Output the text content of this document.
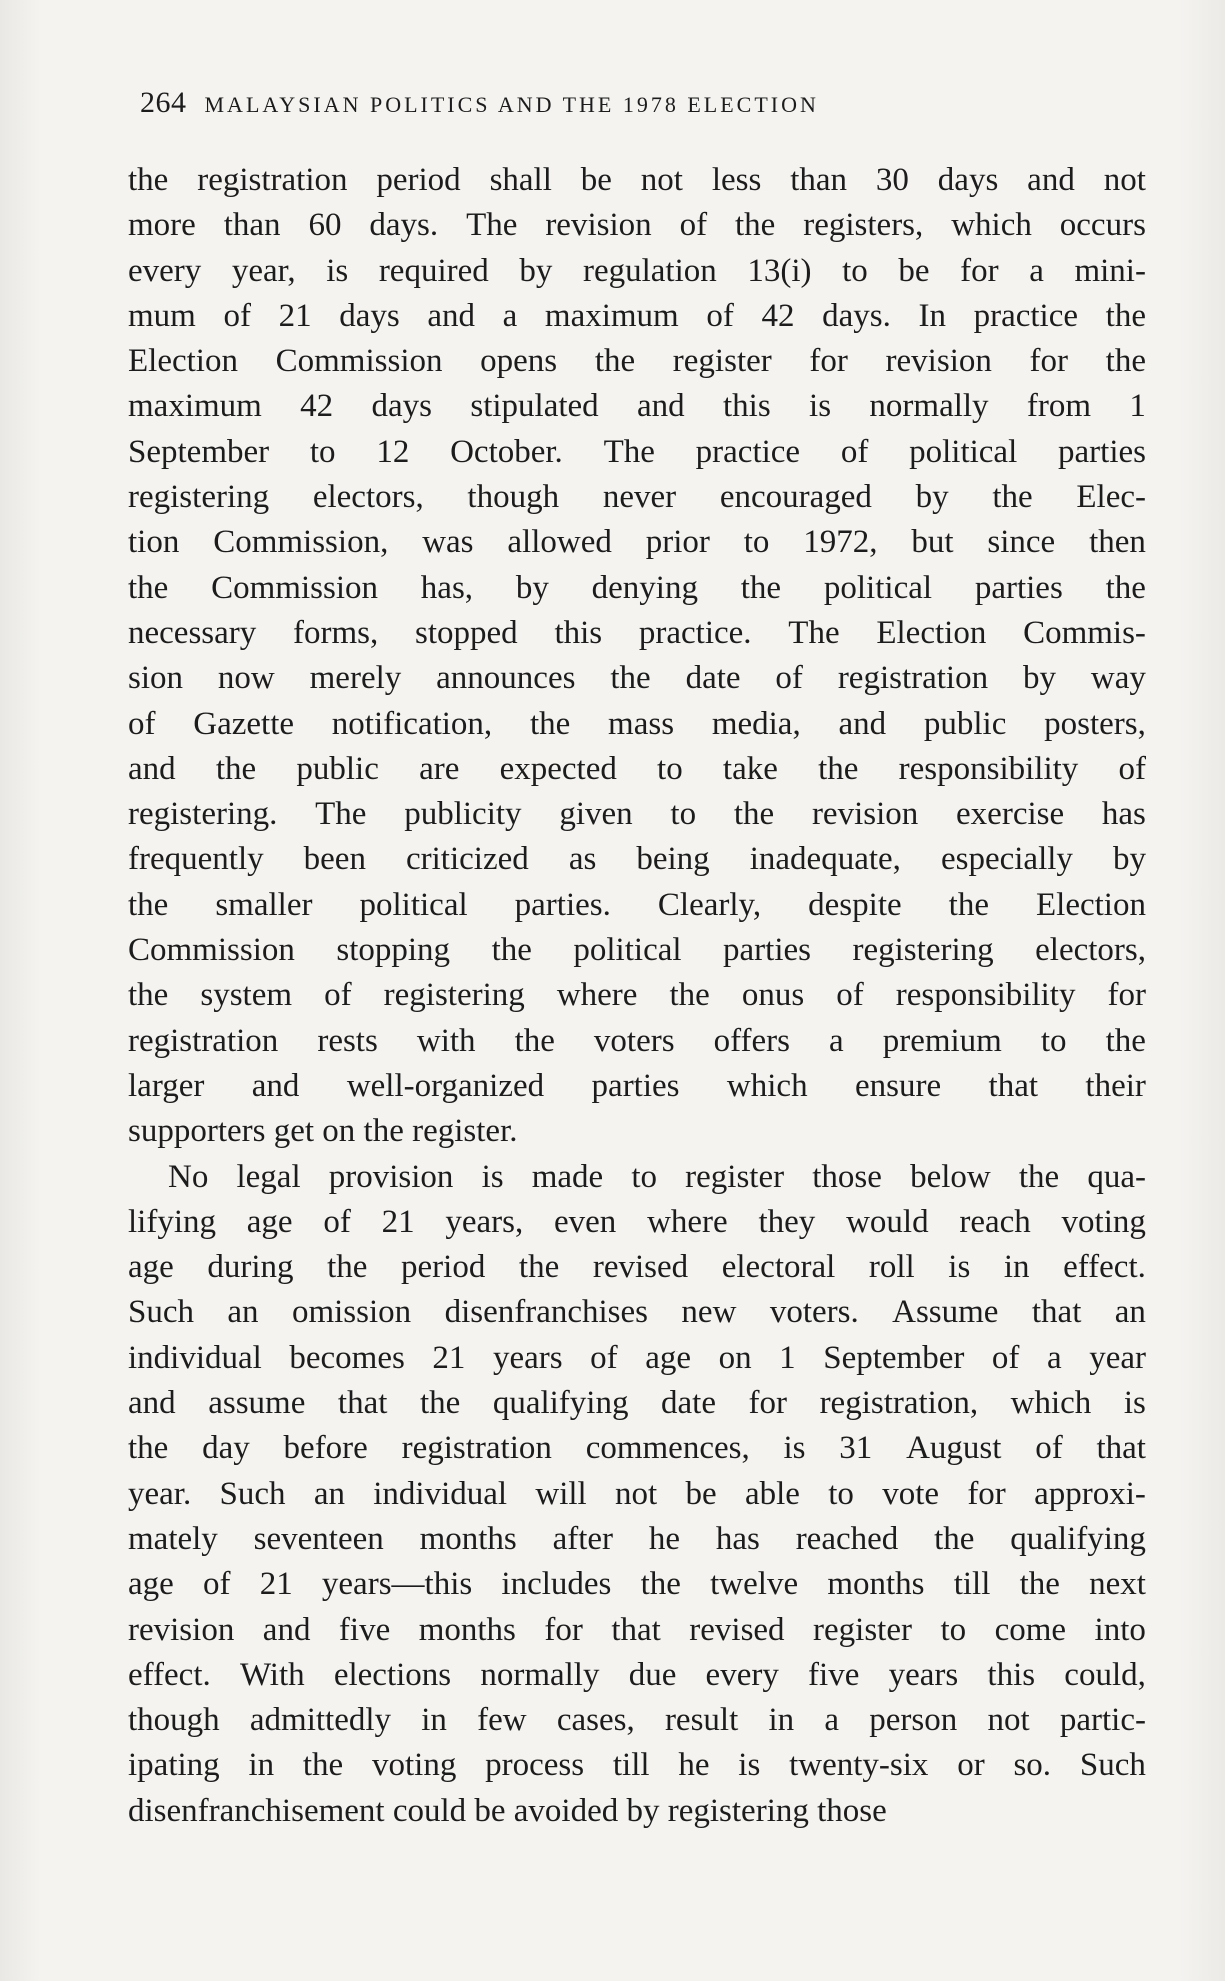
264 MALAYSIAN POLITICS AND THE 1978 ELECTION
the registration period shall be not less than 30 days and not
more than 60 days. The revision of the registers, which occurs
every year, is required by regulation 13(i) to be for a mini-
mum of 21 days and a maximum of 42 days. In practice the
Election Commission opens the register for revision for the
maximum 42 days stipulated and this is normally from 1
September to 12 October. The practice of political parties
registering electors, though never encouraged by the Elec-
tion Commission, was allowed prior to 1972, but since then
the Commission has, by denying the political parties the
necessary forms, stopped this practice. The Election Commis-
sion now merely announces the date of registration by way
of Gazette notification, the mass media, and public posters,
and the public are expected to take the responsibility of
registering. The publicity given to the revision exercise has
frequently been criticized as being inadequate, especially by
the smaller political parties. Clearly, despite the Election
Commission stopping the political parties registering electors,
the system of registering where the onus of responsibility for
registration rests with the voters offers a premium to the
larger and well-organized parties which ensure that their
supporters get on the register.
No legal provision is made to register those below the qua-
lifying age of 21 years, even where they would reach voting
age during the period the revised electoral roll is in effect.
Such an omission disenfranchises new voters. Assume that an
individual becomes 21 years of age on 1 September of a year
and assume that the qualifying date for registration, which is
the day before registration commences, is 31 August of that
year. Such an individual will not be able to vote for approxi-
mately seventeen months after he has reached the qualifying
age of 21 years—this includes the twelve months till the next
revision and five months for that revised register to come into
effect. With elections normally due every five years this could,
though admittedly in few cases, result in a person not partic-
ipating in the voting process till he is twenty-six or so. Such
disenfranchisement could be avoided by registering those
